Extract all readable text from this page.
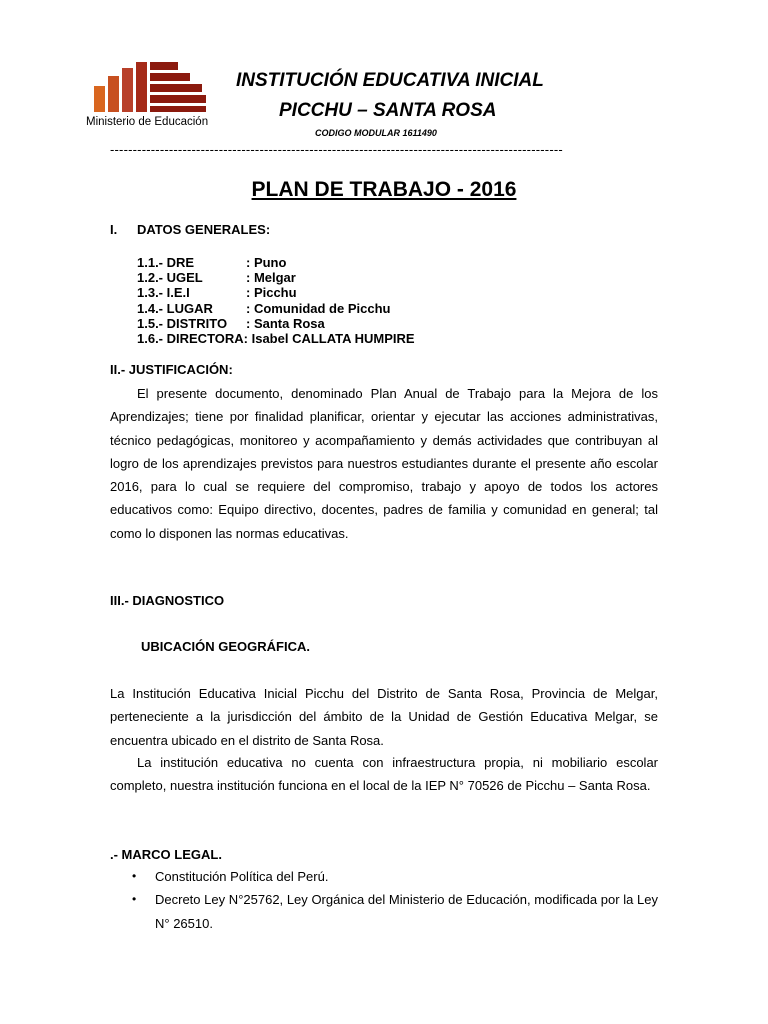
Ministerio de Educación
INSTITUCIÓN EDUCATIVA INICIAL
PICCHU – SANTA ROSA
CODIGO MODULAR 1611490
----------------------------------------------------------------------------------------------------
PLAN DE TRABAJO - 2016
I. DATOS GENERALES:
1.1.- DRE	: Puno
1.2.- UGEL	: Melgar
1.3.- I.E.I	: Picchu
1.4.- LUGAR	: Comunidad de Picchu
1.5.- DISTRITO : Santa Rosa
1.6.- DIRECTORA: Isabel CALLATA HUMPIRE
II.- JUSTIFICACIÓN:
El presente documento, denominado Plan Anual de Trabajo para la Mejora de los Aprendizajes; tiene por finalidad planificar, orientar y ejecutar las acciones administrativas, técnico pedagógicas, monitoreo y acompañamiento y demás actividades que contribuyan al logro de los aprendizajes previstos para nuestros estudiantes durante el presente año escolar 2016, para lo cual se requiere del compromiso, trabajo y apoyo de todos los actores educativos como: Equipo directivo, docentes, padres de familia y comunidad en general; tal como lo disponen las normas educativas.
III.- DIAGNOSTICO
UBICACIÓN GEOGRÁFICA.
La Institución Educativa Inicial Picchu del Distrito de Santa Rosa, Provincia de Melgar, perteneciente a la jurisdicción del ámbito de la Unidad de Gestión Educativa Melgar, se encuentra ubicado en el distrito de Santa Rosa.
La institución educativa no cuenta con infraestructura propia, ni mobiliario escolar completo, nuestra institución funciona en el local de la IEP N° 70526 de Picchu – Santa Rosa.
.- MARCO LEGAL.
•	Constitución Política del Perú.
•	Decreto Ley N°25762, Ley Orgánica del Ministerio de Educación, modificada por la Ley N° 26510.
